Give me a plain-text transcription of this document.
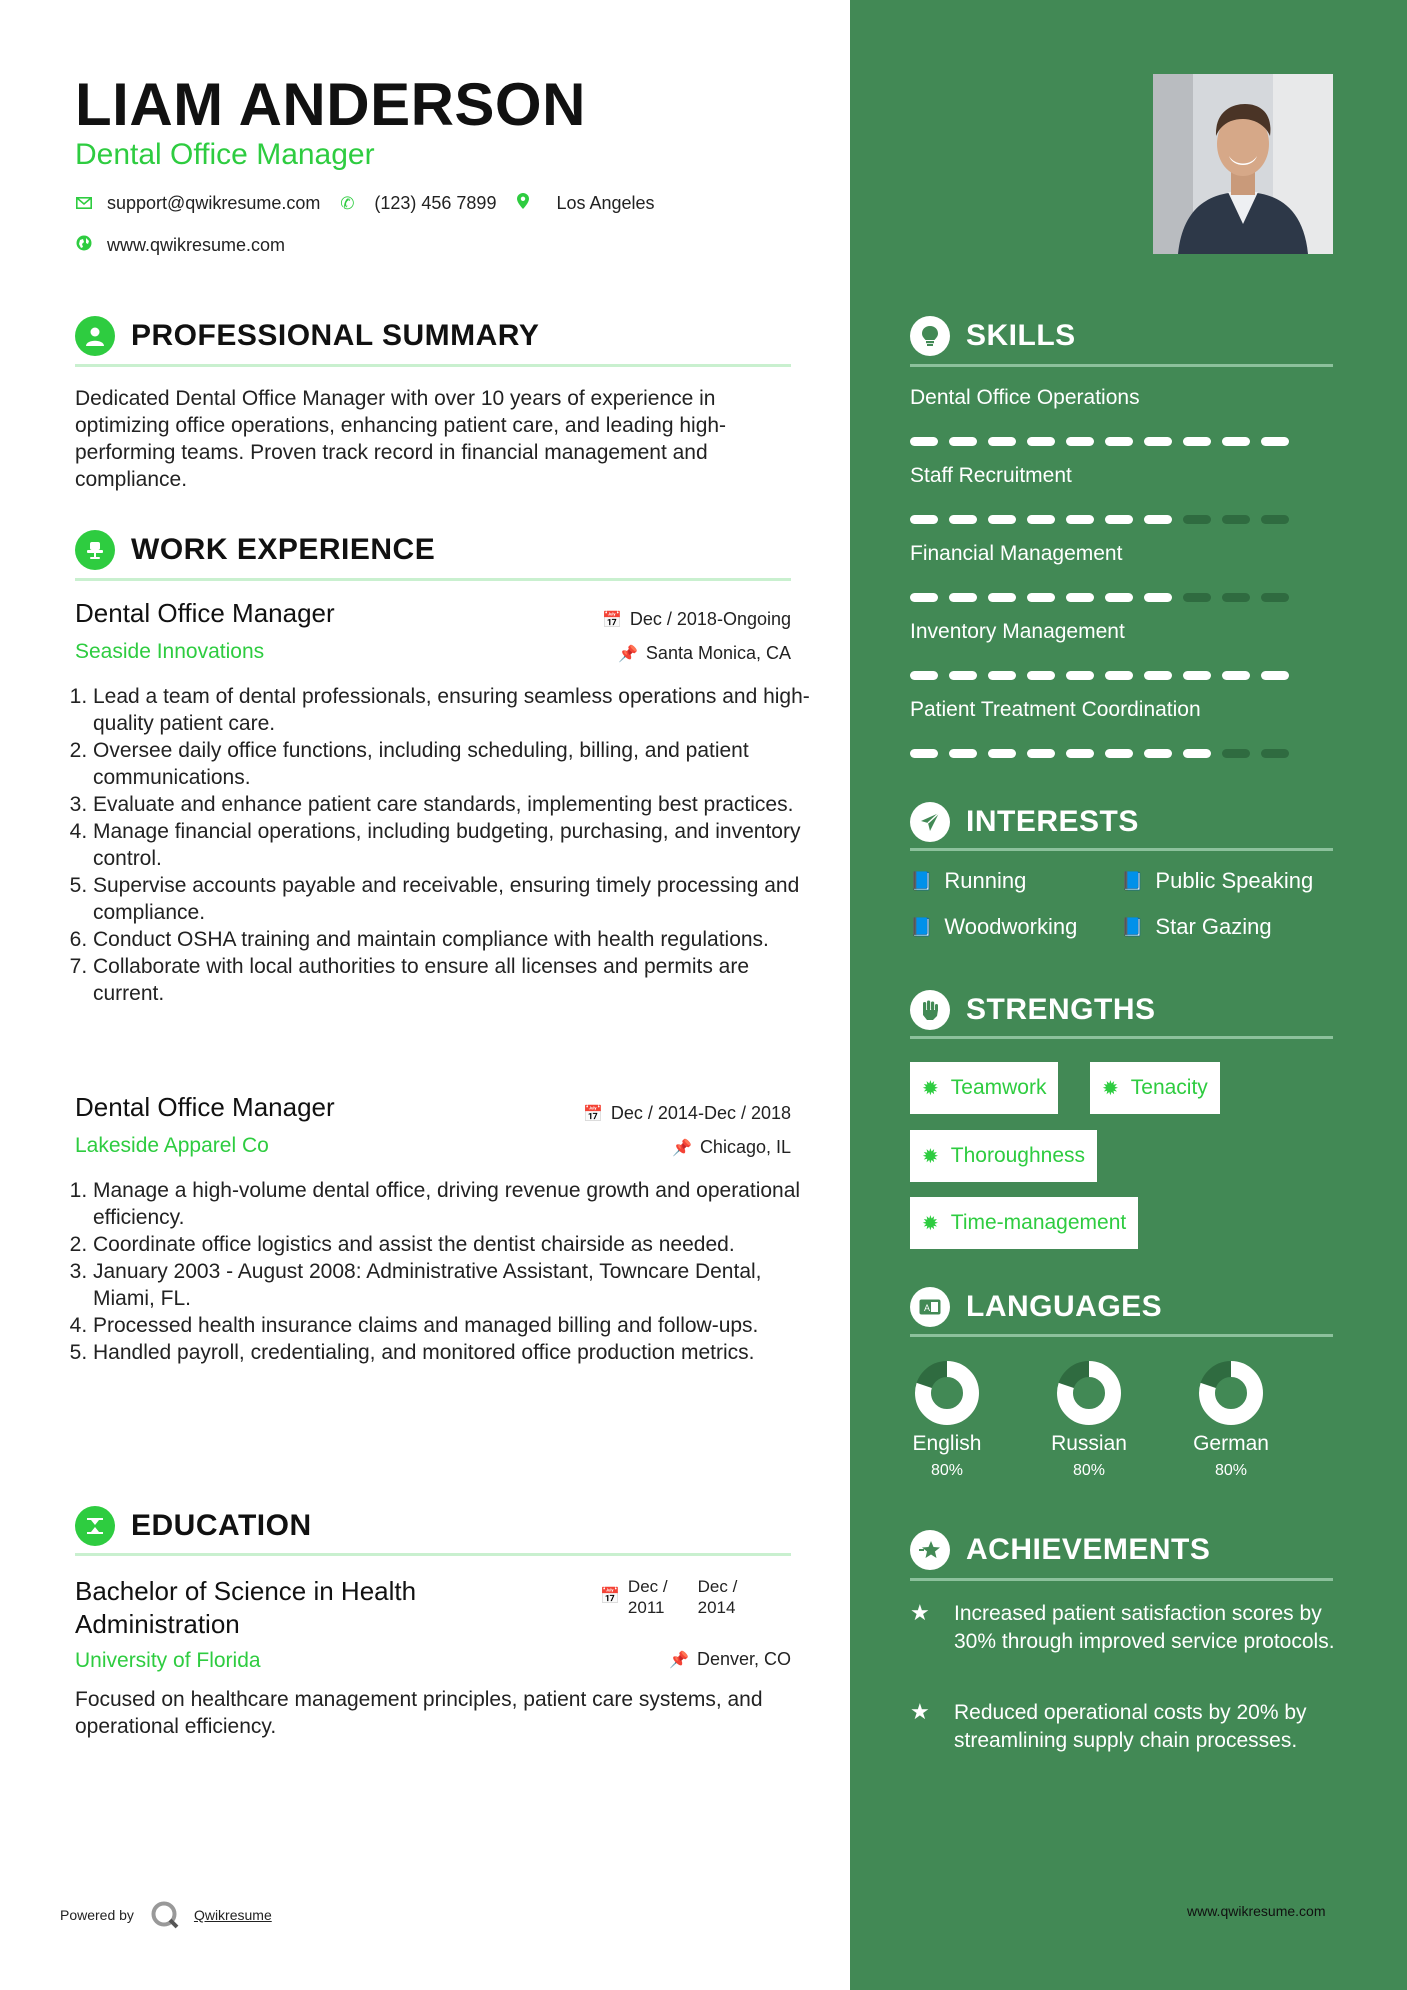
LIAM ANDERSON
Dental Office Manager
support@qwikresume.com ✆ (123) 456 7899	Los Angeles
www.qwikresume.com
PROFESSIONAL SUMMARY
Dedicated Dental Office Manager with over 10 years of experience in optimizing office operations, enhancing patient care, and leading high-performing teams. Proven track record in financial management and compliance.
WORK EXPERIENCE
Dental Office Manager
Seaside Innovations
📅 Dec / 2018-Ongoing
📌 Santa Monica, CA
1. Lead a team of dental professionals, ensuring seamless operations and high-quality patient care.
2. Oversee daily office functions, including scheduling, billing, and patient communications.
3. Evaluate and enhance patient care standards, implementing best practices.
4. Manage financial operations, including budgeting, purchasing, and inventory control.
5. Supervise accounts payable and receivable, ensuring timely processing and compliance.
6. Conduct OSHA training and maintain compliance with health regulations.
7. Collaborate with local authorities to ensure all licenses and permits are current.
Dental Office Manager
Lakeside Apparel Co
📅 Dec / 2014-Dec / 2018
📌 Chicago, IL
1. Manage a high-volume dental office, driving revenue growth and operational efficiency.
2. Coordinate office logistics and assist the dentist chairside as needed.
3. January 2003 - August 2008: Administrative Assistant, Towncare Dental, Miami, FL.
4. Processed health insurance claims and managed billing and follow-ups.
5. Handled payroll, credentialing, and monitored office production metrics.
EDUCATION
Bachelor of Science in Health
Administration
University of Florida
📅
Dec /
2011
Dec /
2014
📌 Denver, CO
Focused on healthcare management principles, patient care systems, and operational efficiency.
Powered by	Qwikresume
SKILLS
Dental Office Operations
Staff Recruitment
Financial Management
Inventory Management
Patient Treatment Coordination
INTERESTS
📘 Running	📘 Public Speaking
📘 Woodworking 📘 Star Gazing
STRENGTHS
✹ Teamwork	✹ Tenacity
✹ Thoroughness
✹ Time-management
A LANGUAGES
English
80%
Russian
80%
German
80%
ACHIEVEMENTS
★	Increased patient satisfaction scores by 30% through improved service protocols.
★	Reduced operational costs by 20% by streamlining supply chain processes.
www.qwikresume.com
